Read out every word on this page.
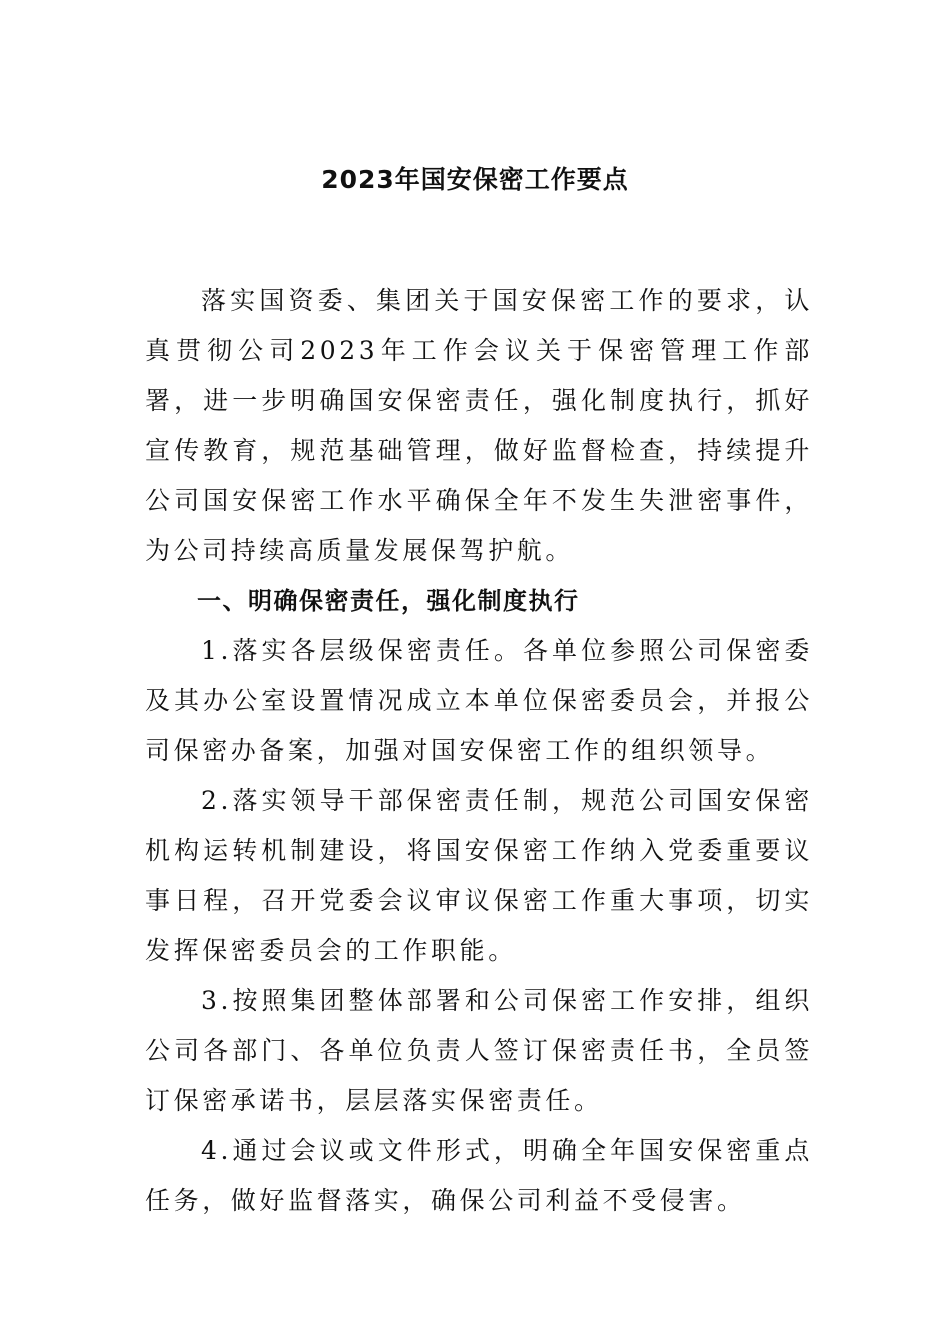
2023年国安保密工作要点

落实国资委、集团关于国安保密工作的要求，认真贯彻公司2023年工作会议关于保密管理工作部署，进一步明确国安保密责任，强化制度执行，抓好宣传教育，规范基础管理，做好监督检查，持续提升公司国安保密工作水平确保全年不发生失泄密事件，为公司持续高质量发展保驾护航。

一、明确保密责任，强化制度执行

1.落实各层级保密责任。各单位参照公司保密委及其办公室设置情况成立本单位保密委员会，并报公司保密办备案，加强对国安保密工作的组织领导。

2.落实领导干部保密责任制，规范公司国安保密机构运转机制建设，将国安保密工作纳入党委重要议事日程，召开党委会议审议保密工作重大事项，切实发挥保密委员会的工作职能。

3.按照集团整体部署和公司保密工作安排，组织公司各部门、各单位负责人签订保密责任书，全员签订保密承诺书，层层落实保密责任。

4.通过会议或文件形式，明确全年国安保密重点任务，做好监督落实，确保公司利益不受侵害。
